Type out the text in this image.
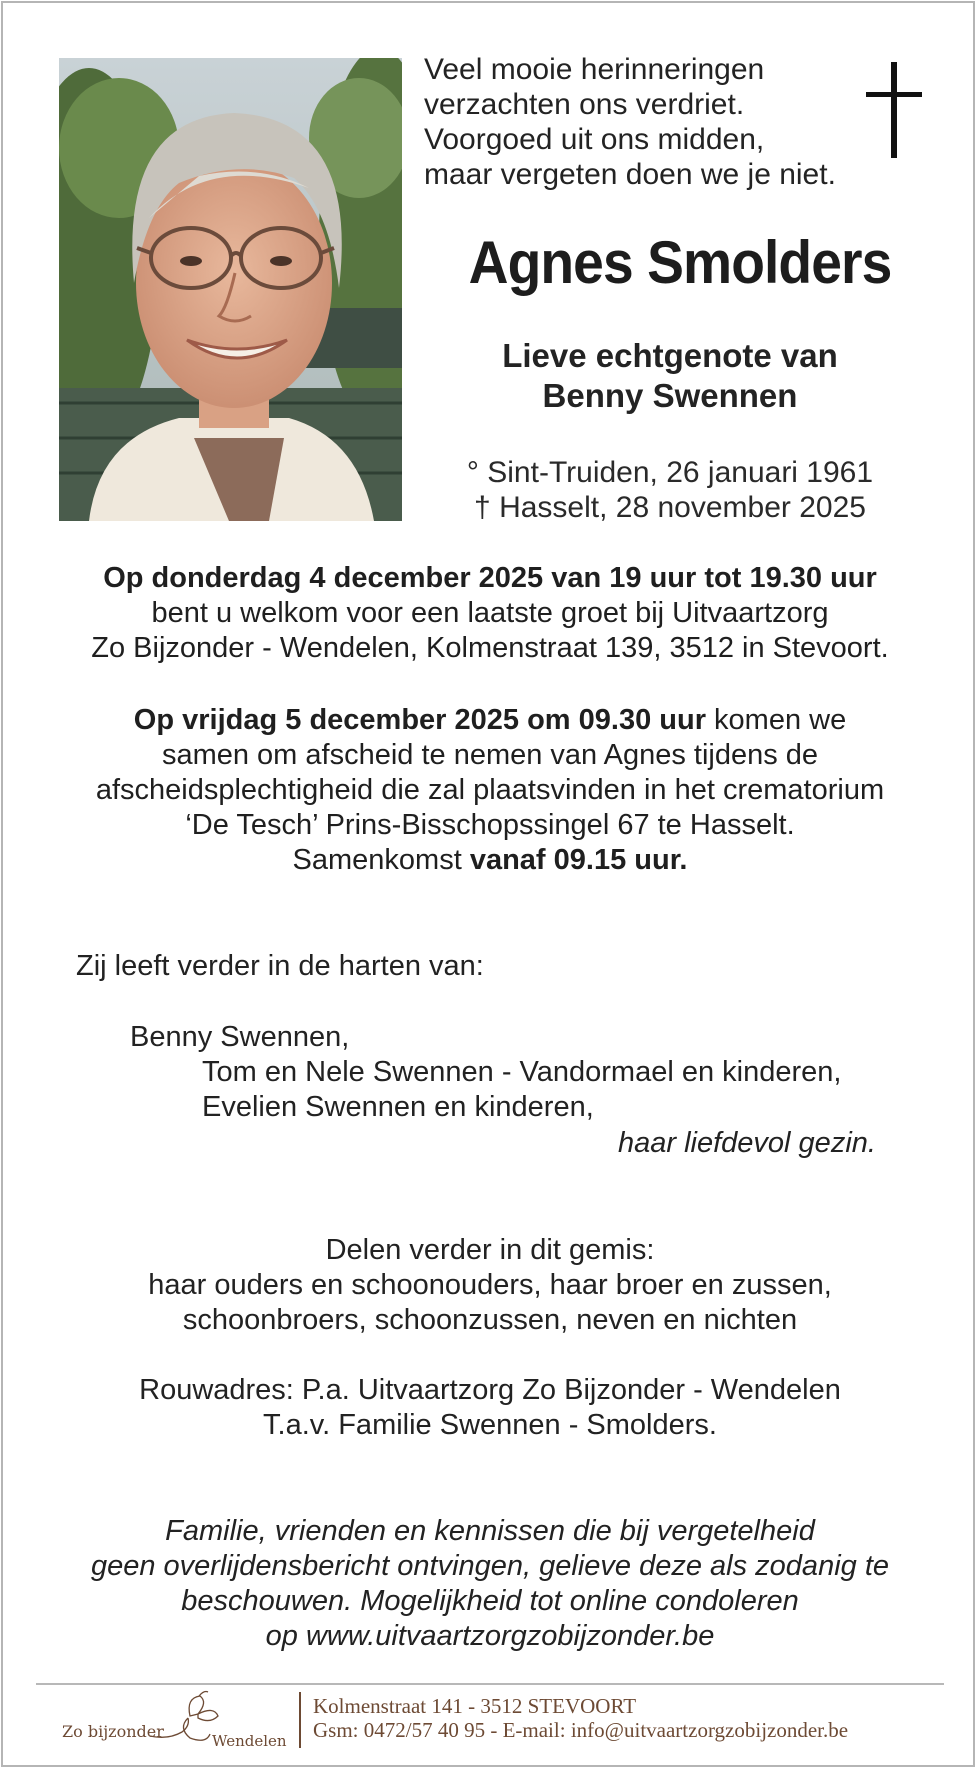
Veel mooie herinneringen
verzachten ons verdriet.
Voorgoed uit ons midden,
maar vergeten doen we je niet.
Agnes Smolders
Lieve echtgenote van
Benny Swennen
° Sint-Truiden, 26 januari 1961
† Hasselt, 28 november 2025
Op donderdag 4 december 2025 van 19 uur tot 19.30 uur
bent u welkom voor een laatste groet bij Uitvaartzorg
Zo Bijzonder - Wendelen, Kolmenstraat 139, 3512 in Stevoort.
Op vrijdag 5 december 2025 om 09.30 uur komen we
samen om afscheid te nemen van Agnes tijdens de
afscheidsplechtigheid die zal plaatsvinden in het crematorium
‘De Tesch’ Prins-Bisschopssingel 67 te Hasselt.
Samenkomst vanaf 09.15 uur.
Zij leeft verder in de harten van:
Benny Swennen,
Tom en Nele Swennen - Vandormael en kinderen,
Evelien Swennen en kinderen,
haar liefdevol gezin.
Delen verder in dit gemis:
haar ouders en schoonouders, haar broer en zussen,
schoonbroers, schoonzussen, neven en nichten
Rouwadres: P.a. Uitvaartzorg Zo Bijzonder - Wendelen
T.a.v. Familie Swennen - Smolders.
Familie, vrienden en kennissen die bij vergetelheid
geen overlijdensbericht ontvingen, gelieve deze als zodanig te
beschouwen. Mogelijkheid tot online condoleren
op www.uitvaartzorgzobijzonder.be
Zo bijzonder	Wendelen
Kolmenstraat 141 - 3512 STEVOORT
Gsm: 0472/57 40 95 - E-mail: info@uitvaartzorgzobijzonder.be
